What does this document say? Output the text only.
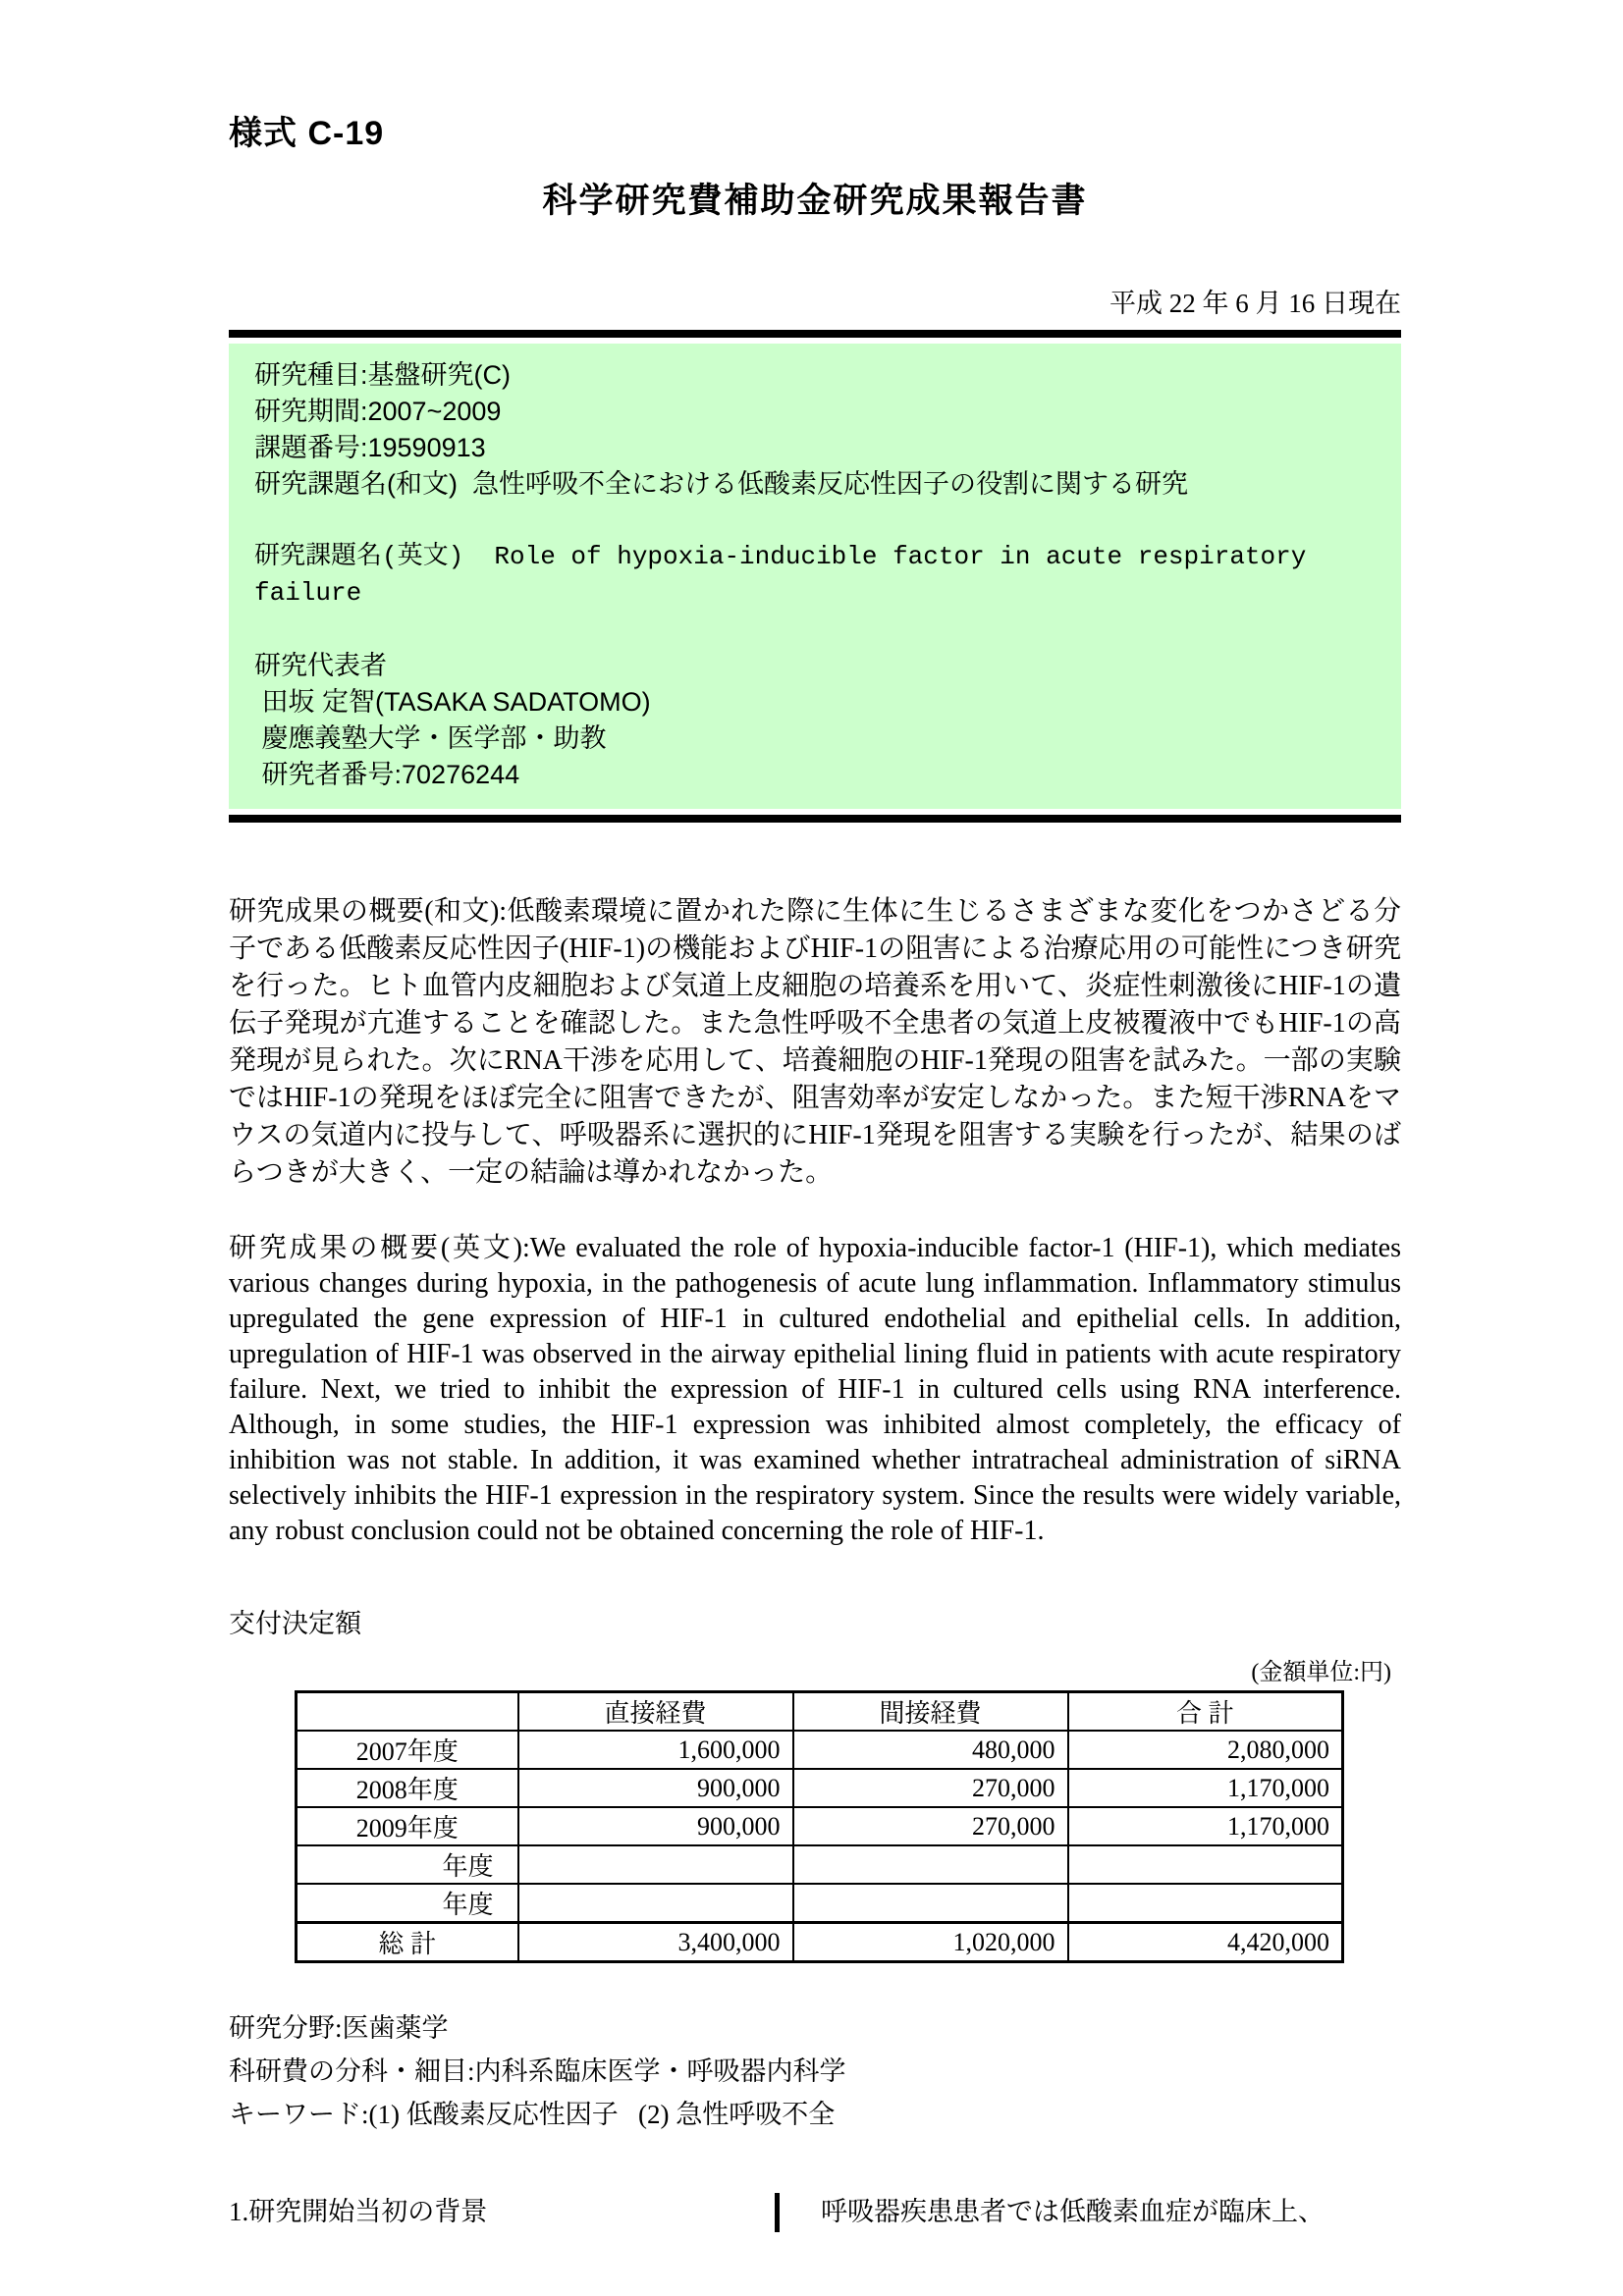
様式 C-19
科学研究費補助金研究成果報告書
平成 22 年 6 月 16 日現在
研究種目:基盤研究(C)
研究期間:2007~2009
課題番号:19590913
研究課題名(和文)  急性呼吸不全における低酸素反応性因子の役割に関する研究
研究課題名(英文)  Role of hypoxia-inducible factor in acute respiratory failure
研究代表者
田坂 定智(TASAKA SADATOMO)
慶應義塾大学・医学部・助教
研究者番号:70276244

研究成果の概要(和文):低酸素環境に置かれた際に生体に生じるさまざまな変化をつかさどる分子である低酸素反応性因子(HIF-1)の機能およびHIF-1の阻害による治療応用の可能性につき研究を行った。ヒト血管内皮細胞および気道上皮細胞の培養系を用いて、炎症性刺激後にHIF-1の遺伝子発現が亢進することを確認した。また急性呼吸不全患者の気道上皮被覆液中でもHIF-1の高発現が見られた。次にRNA干渉を応用して、培養細胞のHIF-1発現の阻害を試みた。一部の実験ではHIF-1の発現をほぼ完全に阻害できたが、阻害効率が安定しなかった。また短干渉RNAをマウスの気道内に投与して、呼吸器系に選択的にHIF-1発現を阻害する実験を行ったが、結果のばらつきが大きく、一定の結論は導かれなかった。

研究成果の概要(英文):We evaluated the role of hypoxia-inducible factor-1 (HIF-1), which mediates various changes during hypoxia, in the pathogenesis of acute lung inflammation. Inflammatory stimulus upregulated the gene expression of HIF-1 in cultured endothelial and epithelial cells. In addition, upregulation of HIF-1 was observed in the airway epithelial lining fluid in patients with acute respiratory failure. Next, we tried to inhibit the expression of HIF-1 in cultured cells using RNA interference. Although, in some studies, the HIF-1 expression was inhibited almost completely, the efficacy of inhibition was not stable. In addition, it was examined whether intratracheal administration of siRNA selectively inhibits the HIF-1 expression in the respiratory system. Since the results were widely variable, any robust conclusion could not be obtained concerning the role of HIF-1.

交付決定額
(金額単位:円)
	直接経費	間接経費	合 計
2007年度	1,600,000	480,000	2,080,000
2008年度	900,000	270,000	1,170,000
2009年度	900,000	270,000	1,170,000
年度			
年度			
総 計	3,400,000	1,020,000	4,420,000
研究分野:医歯薬学
科研費の分科・細目:内科系臨床医学・呼吸器内科学
キーワード:(1) 低酸素反応性因子   (2) 急性呼吸不全
1.研究開始当初の背景	呼吸器疾患患者では低酸素血症が臨床上、
